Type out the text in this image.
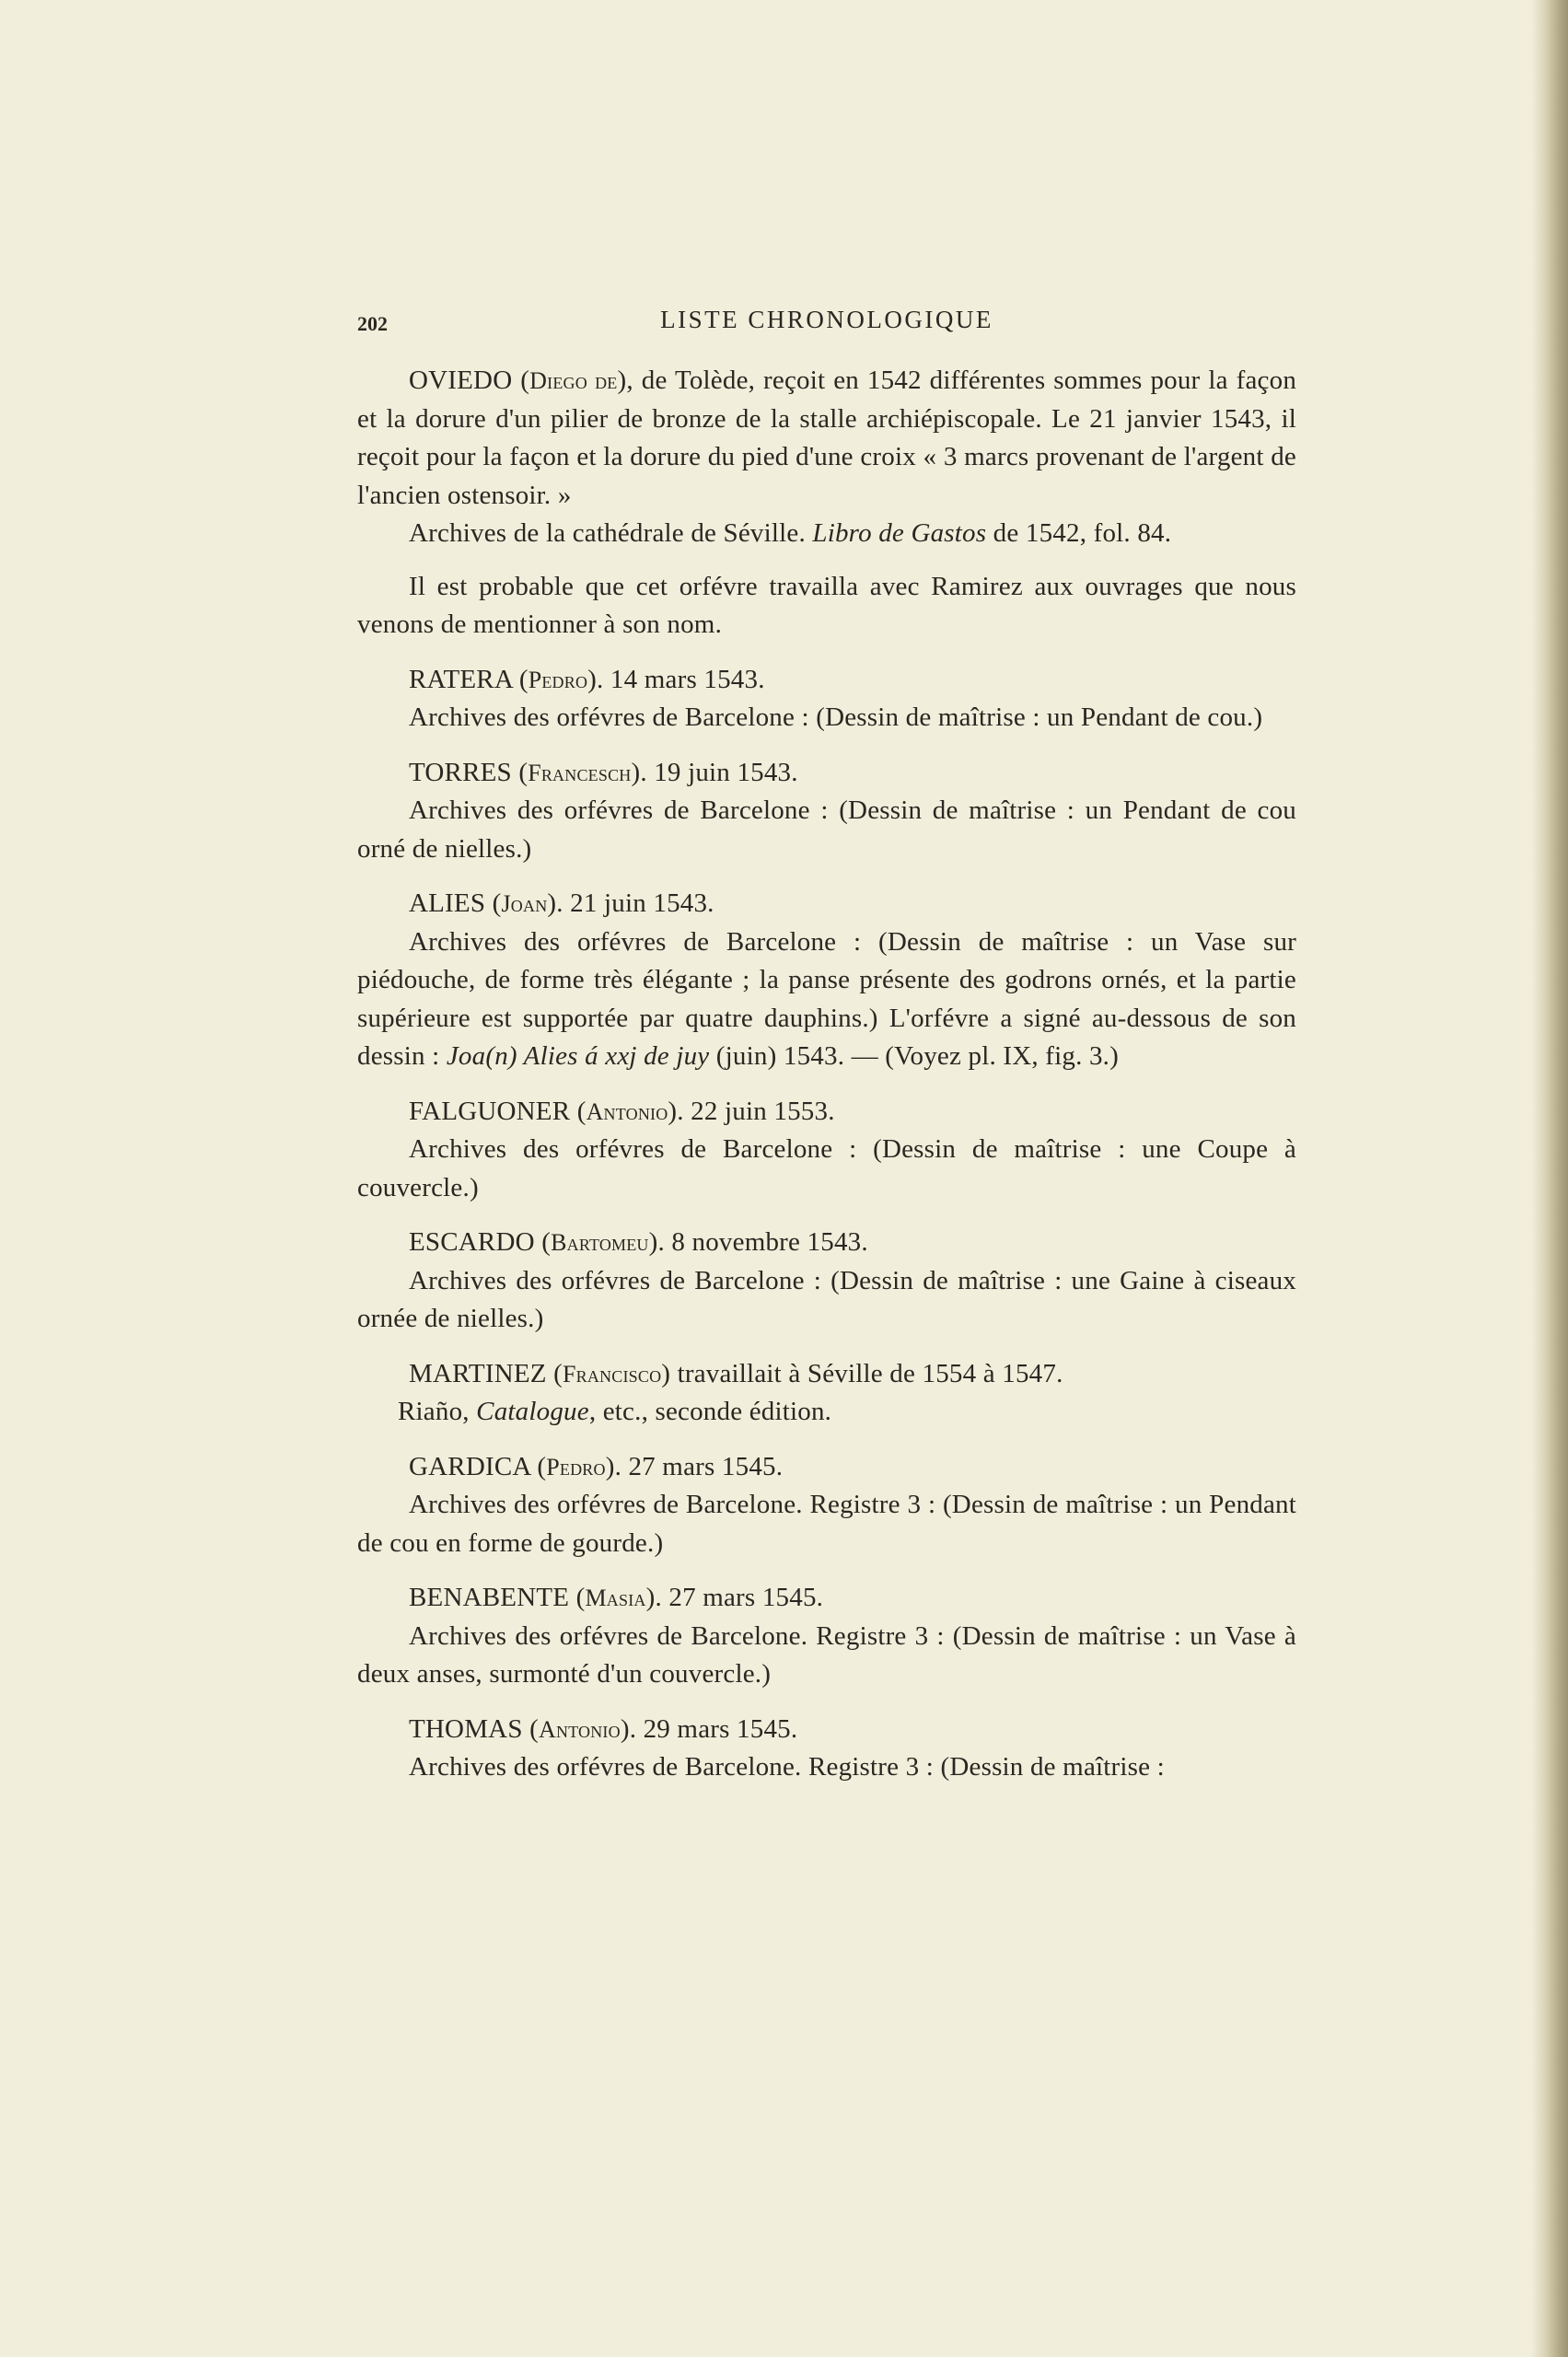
202	LISTE CHRONOLOGIQUE

OVIEDO (Diego de), de Tolède, reçoit en 1542 différentes sommes pour la façon et la dorure d'un pilier de bronze de la stalle archiépiscopale. Le 21 janvier 1543, il reçoit pour la façon et la dorure du pied d'une croix « 3 marcs provenant de l'argent de l'ancien ostensoir. »

Archives de la cathédrale de Séville. Libro de Gastos de 1542, fol. 84.

Il est probable que cet orfévre travailla avec Ramirez aux ouvrages que nous venons de mentionner à son nom.

RATERA (Pedro). 14 mars 1543.

Archives des orfévres de Barcelone : (Dessin de maîtrise : un Pendant de cou.)

TORRES (Francesch). 19 juin 1543.

Archives des orfévres de Barcelone : (Dessin de maîtrise : un Pendant de cou orné de nielles.)

ALIES (Joan). 21 juin 1543.

Archives des orfévres de Barcelone : (Dessin de maîtrise : un Vase sur piédouche, de forme très élégante ; la panse présente des godrons ornés, et la partie supérieure est supportée par quatre dauphins.) L'orfévre a signé au-dessous de son dessin : Joa(n) Alies á xxj de juy (juin) 1543. — (Voyez pl. IX, fig. 3.)

FALGUONER (Antonio). 22 juin 1553.

Archives des orfévres de Barcelone : (Dessin de maîtrise : une Coupe à couvercle.)

ESCARDO (Bartomeu). 8 novembre 1543.

Archives des orfévres de Barcelone : (Dessin de maîtrise : une Gaine à ciseaux ornée de nielles.)

MARTINEZ (Francisco) travaillait à Séville de 1554 à 1547.

Riaño, Catalogue, etc., seconde édition.

GARDICA (Pedro). 27 mars 1545.

Archives des orfévres de Barcelone. Registre 3 : (Dessin de maîtrise : un Pendant de cou en forme de gourde.)

BENABENTE (Masia). 27 mars 1545.

Archives des orfévres de Barcelone. Registre 3 : (Dessin de maîtrise : un Vase à deux anses, surmonté d'un couvercle.)

THOMAS (Antonio). 29 mars 1545.

Archives des orfévres de Barcelone. Registre 3 : (Dessin de maîtrise :
